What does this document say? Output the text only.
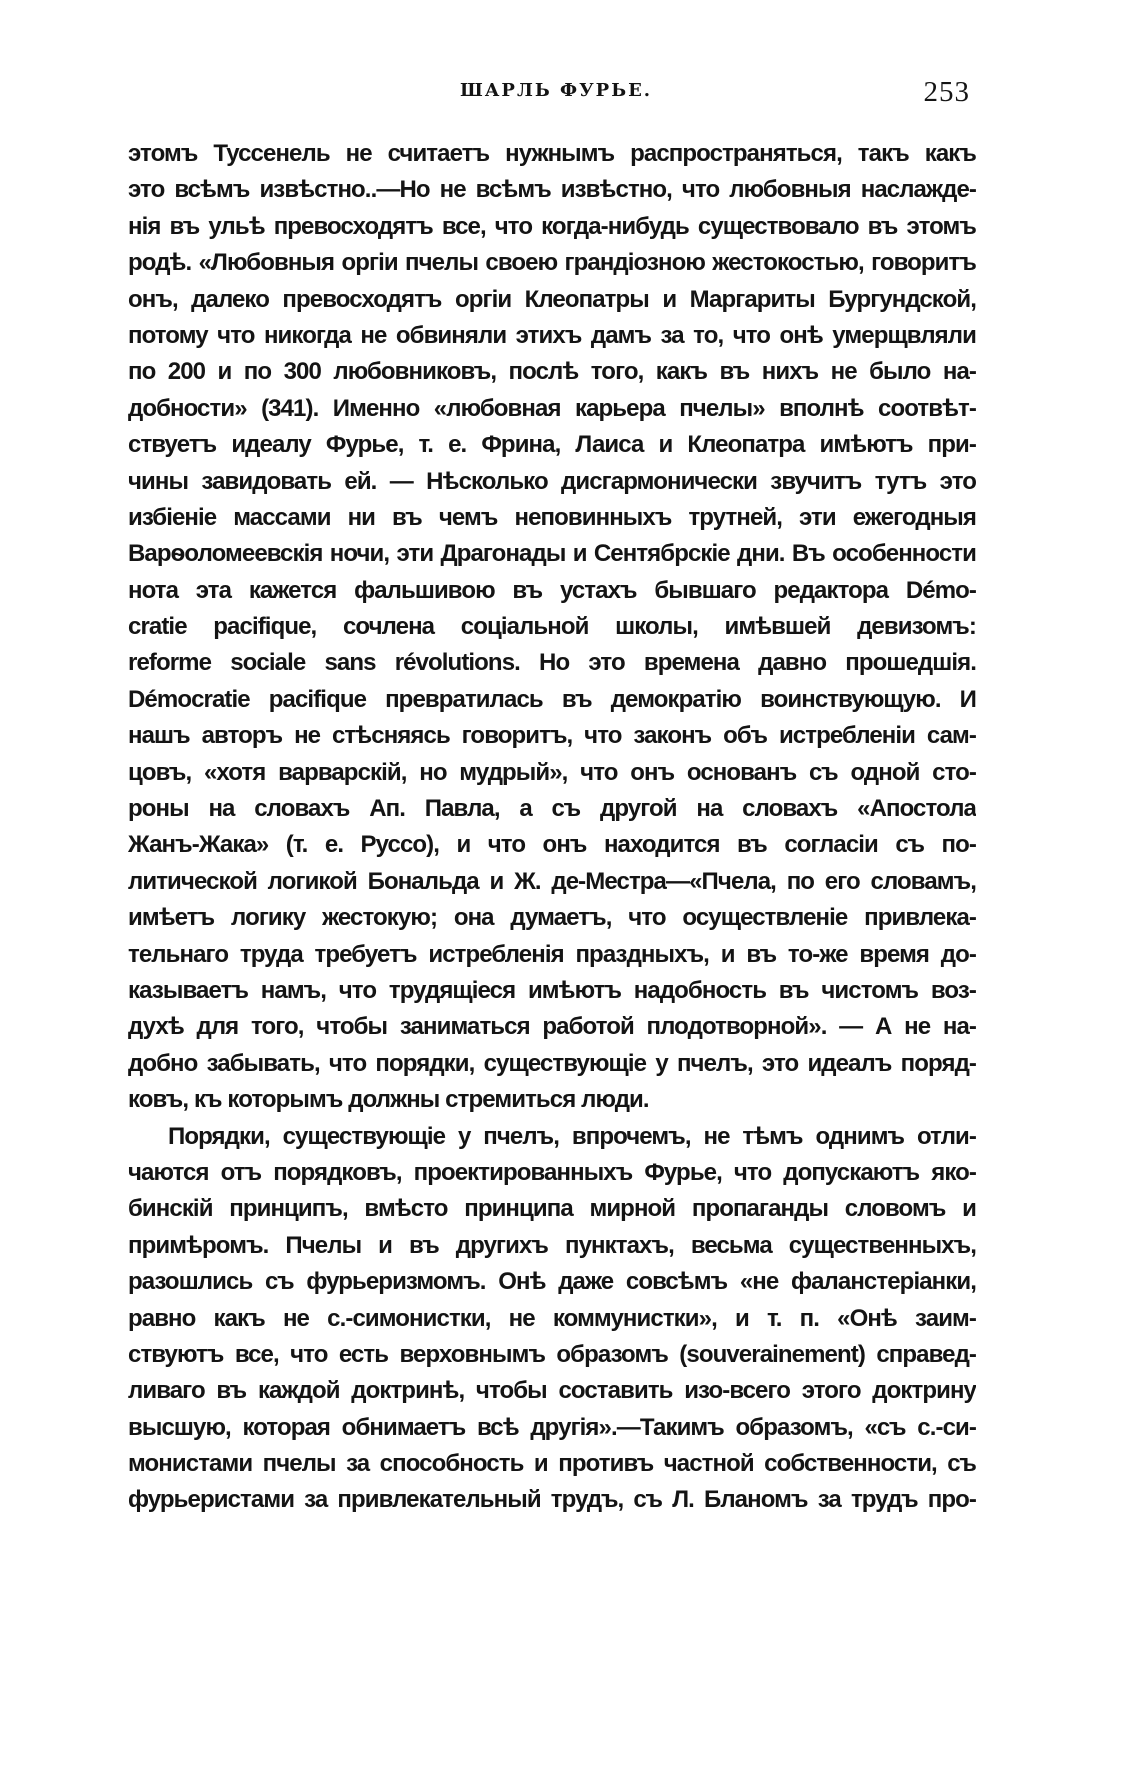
ШАРЛЬ ФУРЬЕ.	253
этомъ Туссенель не считаетъ нужнымъ распространяться, такъ какъ
это всѣмъ извѣстно..—Но не всѣмъ извѣстно, что любовныя наслажде-
нія въ ульѣ превосходятъ все, что когда-нибудь существовало въ этомъ
родѣ. «Любовныя оргіи пчелы своею грандіозною жестокостью, говоритъ
онъ, далеко превосходятъ оргіи Клеопатры и Маргариты Бургундской,
потому что никогда не обвиняли этихъ дамъ за то, что онѣ умерщвляли
по 200 и по 300 любовниковъ, послѣ того, какъ въ нихъ не было на-
добности» (341). Именно «любовная карьера пчелы» вполнѣ соотвѣт-
ствуетъ идеалу Фурье, т. е. Фрина, Лаиса и Клеопатра имѣютъ при-
чины завидовать ей. — Нѣсколько дисгармонически звучитъ тутъ это
избіеніе массами ни въ чемъ неповинныхъ трутней, эти ежегодныя
Варѳоломеевскія ночи, эти Драгонады и Сентябрскіе дни. Въ особенности
нота эта кажется фальшивою въ устахъ бывшаго редактора Démo-
cratie pacifique, сочлена соціальной школы, имѣвшей девизомъ:
reforme sociale sans révolutions. Но это времена давно прошедшія.
Démocratie pacifique превратилась въ демократію воинствующую. И
нашъ авторъ не стѣсняясь говоритъ, что законъ объ истребленіи сам-
цовъ, «хотя варварскій, но мудрый», что онъ основанъ съ одной сто-
роны на словахъ Ап. Павла, а съ другой на словахъ «Апостола
Жанъ-Жака» (т. е. Руссо), и что онъ находится въ согласіи съ по-
литической логикой Бональда и Ж. де-Местра—«Пчела, по его словамъ,
имѣетъ логику жестокую; она думаетъ, что осуществленіе привлека-
тельнаго труда требуетъ истребленія праздныхъ, и въ то-же время до-
казываетъ намъ, что трудящіеся имѣютъ надобность въ чистомъ воз-
духѣ для того, чтобы заниматься работой плодотворной». — А не на-
добно забывать, что порядки, существующіе у пчелъ, это идеалъ поряд-
ковъ, къ которымъ должны стремиться люди.
Порядки, существующіе у пчелъ, впрочемъ, не тѣмъ однимъ отли-
чаются отъ порядковъ, проектированныхъ Фурье, что допускаютъ яко-
бинскій принципъ, вмѣсто принципа мирной пропаганды словомъ и
примѣромъ. Пчелы и въ другихъ пунктахъ, весьма существенныхъ,
разошлись съ фурьеризмомъ. Онѣ даже совсѣмъ «не фаланстеріанки,
равно какъ не с.-симонистки, не коммунистки», и т. п. «Онѣ заим-
ствуютъ все, что есть верховнымъ образомъ (souverainement) справед-
ливаго въ каждой доктринѣ, чтобы составить изо-всего этого доктрину
высшую, которая обнимаетъ всѣ другія».—Такимъ образомъ, «съ с.-си-
монистами пчелы за способность и противъ частной собственности, съ
фурьеристами за привлекательный трудъ, съ Л. Бланомъ за трудъ про-
